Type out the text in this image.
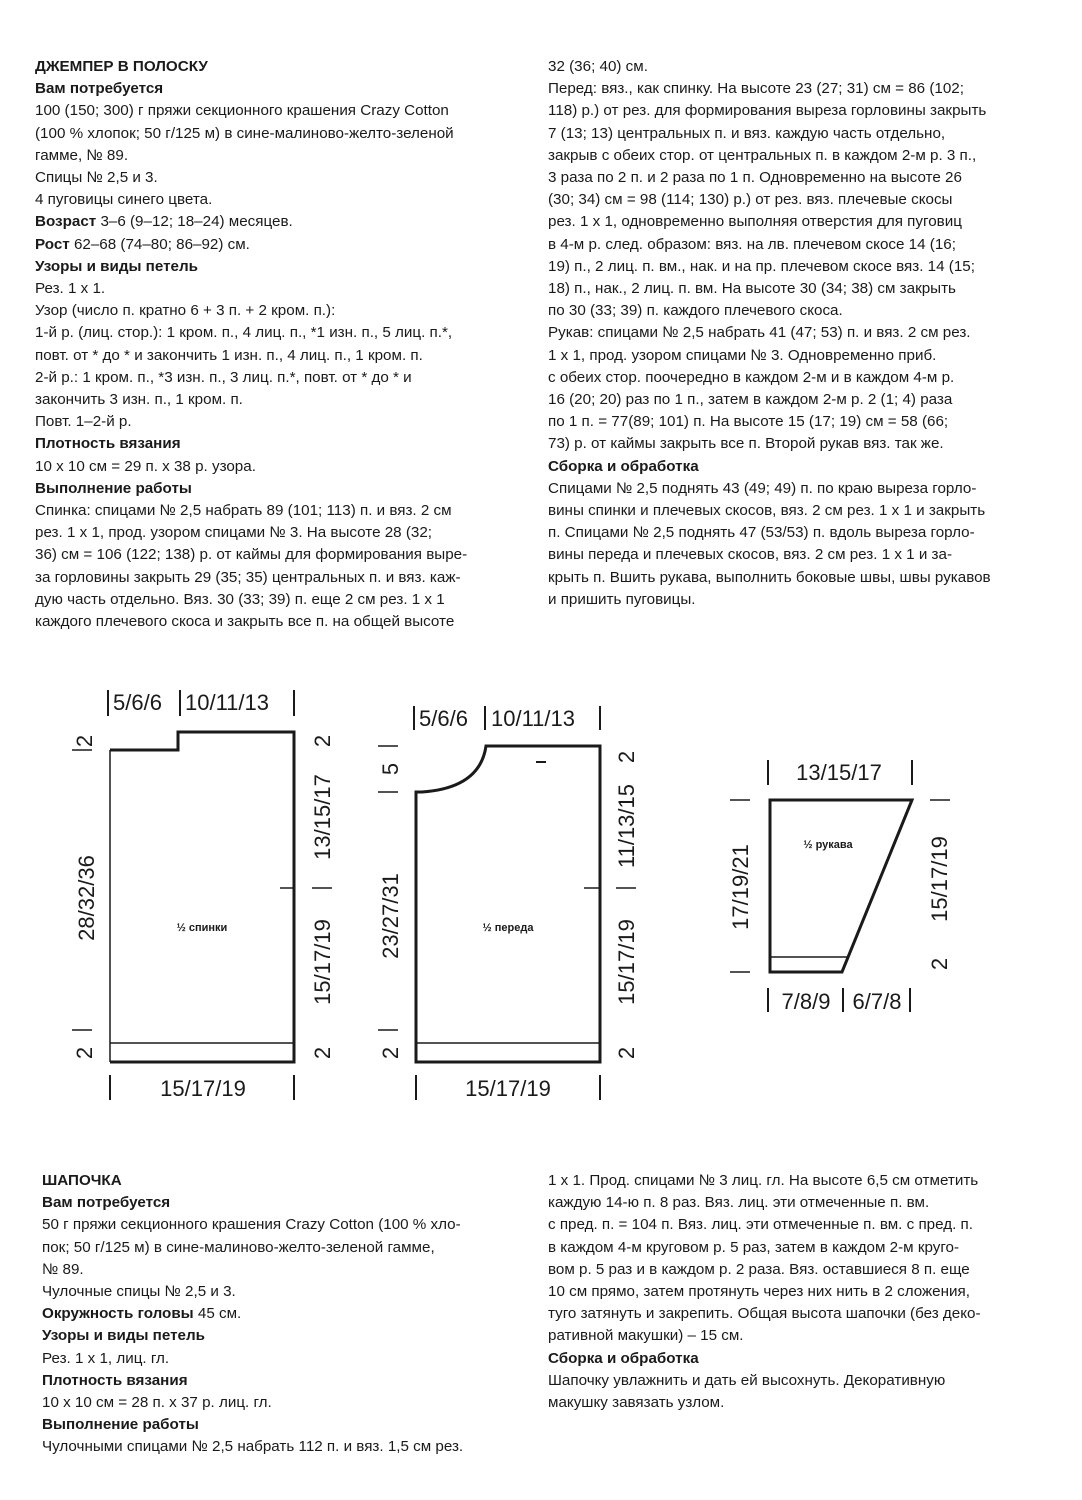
ДЖЕМПЕР В ПОЛОСКУ

Вам потребуется

100 (150; 300) г пряжи секционного крашения Crazy Cotton

(100 % хлопок; 50 г/125 м) в сине-малиново-желто-зеленой

гамме, № 89.

Спицы № 2,5 и 3.

4 пуговицы синего цвета.

Возраст 3–6 (9–12; 18–24) месяцев.

Рост 62–68 (74–80; 86–92) см.

Узоры и виды петель

Рез. 1 х 1.

Узор (число п. кратно 6 + 3 п. + 2 кром. п.):

1-й р. (лиц. стор.): 1 кром. п., 4 лиц. п., *1 изн. п., 5 лиц. п.*,

повт. от * до * и закончить 1 изн. п., 4 лиц. п., 1 кром. п.

2-й р.: 1 кром. п., *3 изн. п., 3 лиц. п.*, повт. от * до * и

закончить 3 изн. п., 1 кром. п.

Повт. 1–2-й р.

Плотность вязания

10 х 10 см = 29 п. х 38 р. узора.

Выполнение работы

Спинка: спицами № 2,5 набрать 89 (101; 113) п. и вяз. 2 см

рез. 1 х 1, прод. узором спицами № 3. На высоте 28 (32;

36) см = 106 (122; 138) р. от каймы для формирования выре-

за горловины закрыть 29 (35; 35) центральных п. и вяз. каж-

дую часть отдельно. Вяз. 30 (33; 39) п. еще 2 см рез. 1 х 1

каждого плечевого скоса и закрыть все п. на общей высоте

32 (36; 40) см.

Перед: вяз., как спинку. На высоте 23 (27; 31) см = 86 (102;

118) р.) от рез. для формирования выреза горловины закрыть

7 (13; 13) центральных п. и вяз. каждую часть отдельно,

закрыв с обеих стор. от центральных п. в каждом 2-м р. 3 п.,

3 раза по 2 п. и 2 раза по 1 п. Одновременно на высоте 26

(30; 34) см = 98 (114; 130) р.) от рез. вяз. плечевые скосы

рез. 1 х 1, одновременно выполняя отверстия для пуговиц

в 4-м р. след. образом: вяз. на лв. плечевом скосе 14 (16;

19) п., 2 лиц. п. вм., нак. и на пр. плечевом скосе вяз. 14 (15;

18) п., нак., 2 лиц. п. вм. На высоте 30 (34; 38) см закрыть

по 30 (33; 39) п. каждого плечевого скоса.

Рукав: спицами № 2,5 набрать 41 (47; 53) п. и вяз. 2 см рез.

1 х 1, прод. узором спицами № 3. Одновременно приб.

с обеих стор. поочередно в каждом 2-м и в каждом 4-м р.

16 (20; 20) раз по 1 п., затем в каждом 2-м р. 2 (1; 4) раза

по 1 п. = 77(89; 101) п. На высоте 15 (17; 19) см = 58 (66;

73) р. от каймы закрыть все п. Второй рукав вяз. так же.

Сборка и обработка

Спицами № 2,5 поднять 43 (49; 49) п. по краю выреза горло-

вины спинки и плечевых скосов, вяз. 2 см рез. 1 х 1 и закрыть

п. Спицами № 2,5 поднять 47 (53/53) п. вдоль выреза горло-

вины переда и плечевых скосов, вяз. 2 см рез. 1 х 1 и за-

крыть п. Вшить рукава, выполнить боковые швы, швы рукавов

и пришить пуговицы.

5/6/6 10/11/13
2
28/32/36
2
2
13/15/17
15/17/19
2
15/17/19
½ спинки
5/6/6 10/11/13
5
23/27/31
2
2
11/13/15
15/17/19
2
15/17/19
½ переда
13/15/17
17/19/21	15/17/19
2
7/8/9 6/7/8
½ рукава

ШАПОЧКА

Вам потребуется

50 г пряжи секционного крашения Crazy Cotton (100 % хло-

пок; 50 г/125 м) в сине-малиново-желто-зеленой гамме,

№ 89.

Чулочные спицы № 2,5 и 3.

Окружность головы 45 см.

Узоры и виды петель

Рез. 1 х 1, лиц. гл.

Плотность вязания

10 х 10 см = 28 п. х 37 р. лиц. гл.

Выполнение работы

Чулочными спицами № 2,5 набрать 112 п. и вяз. 1,5 см рез.

1 х 1. Прод. спицами № 3 лиц. гл. На высоте 6,5 см отметить

каждую 14-ю п. 8 раз. Вяз. лиц. эти отмеченные п. вм.

с пред. п. = 104 п. Вяз. лиц. эти отмеченные п. вм. с пред. п.

в каждом 4-м круговом р. 5 раз, затем в каждом 2-м круго-

вом р. 5 раз и в каждом р. 2 раза. Вяз. оставшиеся 8 п. еще

10 см прямо, затем протянуть через них нить в 2 сложения,

туго затянуть и закрепить. Общая высота шапочки (без деко-

ративной макушки) – 15 см.

Сборка и обработка

Шапочку увлажнить и дать ей высохнуть. Декоративную

макушку завязать узлом.
